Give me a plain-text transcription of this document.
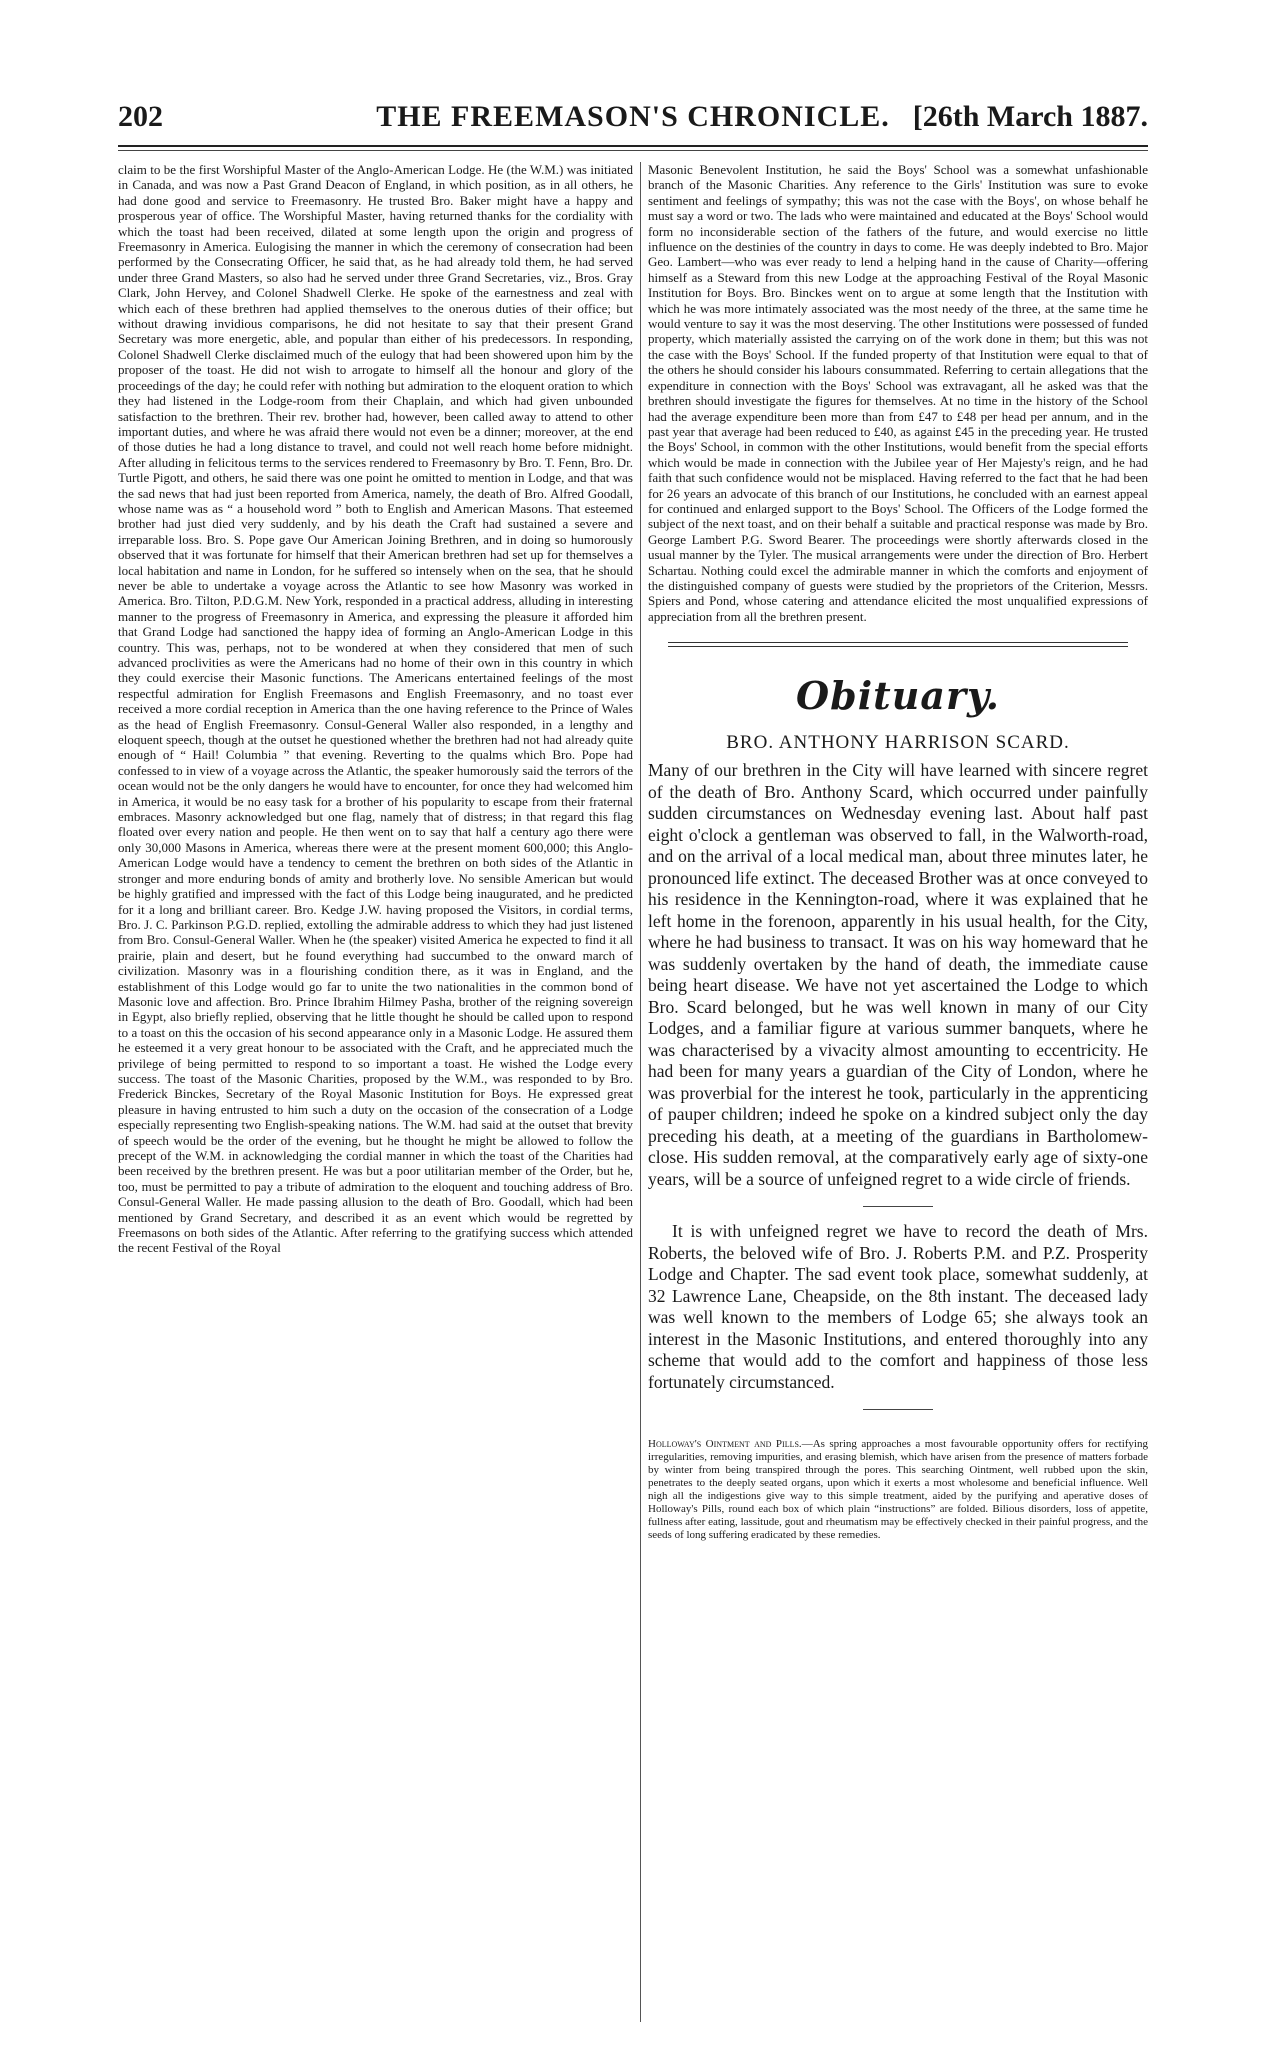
202	THE FREEMASON'S CHRONICLE. [26th March 1887.

claim to be the first Worshipful Master of the Anglo-American Lodge. He (the W.M.) was initiated in Canada, and was now a Past Grand Deacon of England, in which position, as in all others, he had done good and service to Freemasonry. He trusted Bro. Baker might have a happy and prosperous year of office. The Worshipful Master, having returned thanks for the cordiality with which the toast had been received, dilated at some length upon the origin and progress of Freemasonry in America. Eulogising the manner in which the ceremony of consecration had been performed by the Consecrating Officer, he said that, as he had already told them, he had served under three Grand Masters, so also had he served under three Grand Secretaries, viz., Bros. Gray Clark, John Hervey, and Colonel Shadwell Clerke. He spoke of the earnestness and zeal with which each of these brethren had applied themselves to the onerous duties of their office; but without drawing invidious comparisons, he did not hesitate to say that their present Grand Secretary was more energetic, able, and popular than either of his predecessors. In responding, Colonel Shadwell Clerke disclaimed much of the eulogy that had been showered upon him by the proposer of the toast. He did not wish to arrogate to himself all the honour and glory of the proceedings of the day; he could refer with nothing but admiration to the eloquent oration to which they had listened in the Lodge-room from their Chaplain, and which had given unbounded satisfaction to the brethren. Their rev. brother had, however, been called away to attend to other important duties, and where he was afraid there would not even be a dinner; moreover, at the end of those duties he had a long distance to travel, and could not well reach home before midnight. After alluding in felicitous terms to the services rendered to Freemasonry by Bro. T. Fenn, Bro. Dr. Turtle Pigott, and others, he said there was one point he omitted to mention in Lodge, and that was the sad news that had just been reported from America, namely, the death of Bro. Alfred Goodall, whose name was as “ a household word ” both to English and American Masons. That esteemed brother had just died very suddenly, and by his death the Craft had sustained a severe and irreparable loss. Bro. S. Pope gave Our American Joining Brethren, and in doing so humorously observed that it was fortunate for himself that their American brethren had set up for themselves a local habitation and name in London, for he suffered so intensely when on the sea, that he should never be able to undertake a voyage across the Atlantic to see how Masonry was worked in America. Bro. Tilton, P.D.G.M. New York, responded in a practical address, alluding in interesting manner to the progress of Freemasonry in America, and expressing the pleasure it afforded him that Grand Lodge had sanctioned the happy idea of forming an Anglo-American Lodge in this country. This was, perhaps, not to be wondered at when they considered that men of such advanced proclivities as were the Americans had no home of their own in this country in which they could exercise their Masonic functions. The Americans entertained feelings of the most respectful admiration for English Freemasons and English Freemasonry, and no toast ever received a more cordial reception in America than the one having reference to the Prince of Wales as the head of English Freemasonry. Consul-General Waller also responded, in a lengthy and eloquent speech, though at the outset he questioned whether the brethren had not had already quite enough of “ Hail! Columbia ” that evening. Reverting to the qualms which Bro. Pope had confessed to in view of a voyage across the Atlantic, the speaker humorously said the terrors of the ocean would not be the only dangers he would have to encounter, for once they had welcomed him in America, it would be no easy task for a brother of his popularity to escape from their fraternal embraces. Masonry acknowledged but one flag, namely that of distress; in that regard this flag floated over every nation and people. He then went on to say that half a century ago there were only 30,000 Masons in America, whereas there were at the present moment 600,000; this Anglo-American Lodge would have a tendency to cement the brethren on both sides of the Atlantic in stronger and more enduring bonds of amity and brotherly love. No sensible American but would be highly gratified and impressed with the fact of this Lodge being inaugurated, and he predicted for it a long and brilliant career. Bro. Kedge J.W. having proposed the Visitors, in cordial terms, Bro. J. C. Parkinson P.G.D. replied, extolling the admirable address to which they had just listened from Bro. Consul-General Waller. When he (the speaker) visited America he expected to find it all prairie, plain and desert, but he found everything had succumbed to the onward march of civilization. Masonry was in a flourishing condition there, as it was in England, and the establishment of this Lodge would go far to unite the two nationalities in the common bond of Masonic love and affection. Bro. Prince Ibrahim Hilmey Pasha, brother of the reigning sovereign in Egypt, also briefly replied, observing that he little thought he should be called upon to respond to a toast on this the occasion of his second appearance only in a Masonic Lodge. He assured them he esteemed it a very great honour to be associated with the Craft, and he appreciated much the privilege of being permitted to respond to so important a toast. He wished the Lodge every success. The toast of the Masonic Charities, proposed by the W.M., was responded to by Bro. Frederick Binckes, Secretary of the Royal Masonic Institution for Boys. He expressed great pleasure in having entrusted to him such a duty on the occasion of the consecration of a Lodge especially representing two English-speaking nations. The W.M. had said at the outset that brevity of speech would be the order of the evening, but he thought he might be allowed to follow the precept of the W.M. in acknowledging the cordial manner in which the toast of the Charities had been received by the brethren present. He was but a poor utilitarian member of the Order, but he, too, must be permitted to pay a tribute of admiration to the eloquent and touching address of Bro. Consul-General Waller. He made passing allusion to the death of Bro. Goodall, which had been mentioned by Grand Secretary, and described it as an event which would be regretted by Freemasons on both sides of the Atlantic. After referring to the gratifying success which attended the recent Festival of the Royal

Masonic Benevolent Institution, he said the Boys' School was a somewhat unfashionable branch of the Masonic Charities. Any reference to the Girls' Institution was sure to evoke sentiment and feelings of sympathy; this was not the case with the Boys', on whose behalf he must say a word or two. The lads who were maintained and educated at the Boys' School would form no inconsiderable section of the fathers of the future, and would exercise no little influence on the destinies of the country in days to come. He was deeply indebted to Bro. Major Geo. Lambert—who was ever ready to lend a helping hand in the cause of Charity—offering himself as a Steward from this new Lodge at the approaching Festival of the Royal Masonic Institution for Boys. Bro. Binckes went on to argue at some length that the Institution with which he was more intimately associated was the most needy of the three, at the same time he would venture to say it was the most deserving. The other Institutions were possessed of funded property, which materially assisted the carrying on of the work done in them; but this was not the case with the Boys' School. If the funded property of that Institution were equal to that of the others he should consider his labours consummated. Referring to certain allegations that the expenditure in connection with the Boys' School was extravagant, all he asked was that the brethren should investigate the figures for themselves. At no time in the history of the School had the average expenditure been more than from £47 to £48 per head per annum, and in the past year that average had been reduced to £40, as against £45 in the preceding year. He trusted the Boys' School, in common with the other Institutions, would benefit from the special efforts which would be made in connection with the Jubilee year of Her Majesty's reign, and he had faith that such confidence would not be misplaced. Having referred to the fact that he had been for 26 years an advocate of this branch of our Institutions, he concluded with an earnest appeal for continued and enlarged support to the Boys' School. The Officers of the Lodge formed the subject of the next toast, and on their behalf a suitable and practical response was made by Bro. George Lambert P.G. Sword Bearer. The proceedings were shortly afterwards closed in the usual manner by the Tyler. The musical arrangements were under the direction of Bro. Herbert Schartau. Nothing could excel the admirable manner in which the comforts and enjoyment of the distinguished company of guests were studied by the proprietors of the Criterion, Messrs. Spiers and Pond, whose catering and attendance elicited the most unqualified expressions of appreciation from all the brethren present.

Obituary.
BRO. ANTHONY HARRISON SCARD.

Many of our brethren in the City will have learned with sincere regret of the death of Bro. Anthony Scard, which occurred under painfully sudden circumstances on Wednesday evening last. About half past eight o'clock a gentleman was observed to fall, in the Walworth-road, and on the arrival of a local medical man, about three minutes later, he pronounced life extinct. The deceased Brother was at once conveyed to his residence in the Kennington-road, where it was explained that he left home in the forenoon, apparently in his usual health, for the City, where he had business to transact. It was on his way homeward that he was suddenly overtaken by the hand of death, the immediate cause being heart disease. We have not yet ascertained the Lodge to which Bro. Scard belonged, but he was well known in many of our City Lodges, and a familiar figure at various summer banquets, where he was characterised by a vivacity almost amounting to eccentricity. He had been for many years a guardian of the City of London, where he was proverbial for the interest he took, particularly in the apprenticing of pauper children; indeed he spoke on a kindred subject only the day preceding his death, at a meeting of the guardians in Bartholomew-close. His sudden removal, at the comparatively early age of sixty-one years, will be a source of unfeigned regret to a wide circle of friends.

It is with unfeigned regret we have to record the death of Mrs. Roberts, the beloved wife of Bro. J. Roberts P.M. and P.Z. Prosperity Lodge and Chapter. The sad event took place, somewhat suddenly, at 32 Lawrence Lane, Cheapside, on the 8th instant. The deceased lady was well known to the members of Lodge 65; she always took an interest in the Masonic Institutions, and entered thoroughly into any scheme that would add to the comfort and happiness of those less fortunately circumstanced.

Holloway's Ointment and Pills.—As spring approaches a most favourable opportunity offers for rectifying irregularities, removing impurities, and erasing blemish, which have arisen from the presence of matters forbade by winter from being transpired through the pores. This searching Ointment, well rubbed upon the skin, penetrates to the deeply seated organs, upon which it exerts a most wholesome and beneficial influence. Well nigh all the indigestions give way to this simple treatment, aided by the purifying and aperative doses of Holloway's Pills, round each box of which plain “instructions” are folded. Bilious disorders, loss of appetite, fullness after eating, lassitude, gout and rheumatism may be effectively checked in their painful progress, and the seeds of long suffering eradicated by these remedies.
